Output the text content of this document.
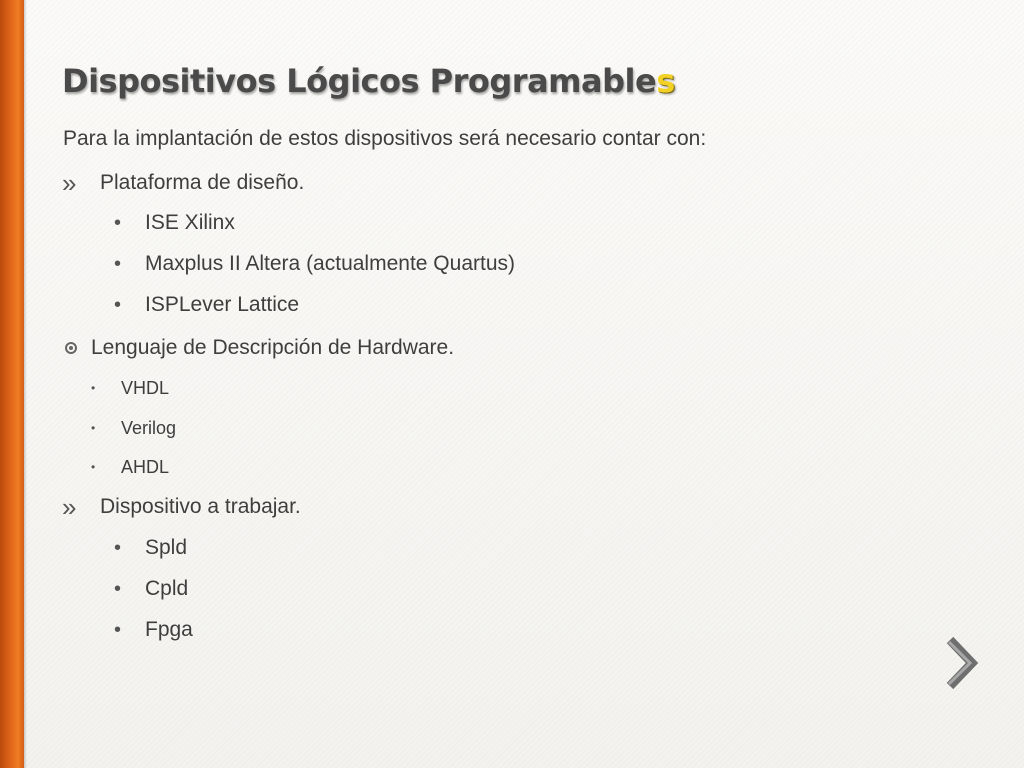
Dispositivos Lógicos Programables

Para la implantación de estos dispositivos será necesario contar con:

» Plataforma de diseño.

• ISE Xilinx

• Maxplus II Altera (actualmente Quartus)

• ISPLever Lattice

Lenguaje de Descripción de Hardware.

• VHDL

• Verilog

• AHDL

» Dispositivo a trabajar.

• Spld

• Cpld

• Fpga
